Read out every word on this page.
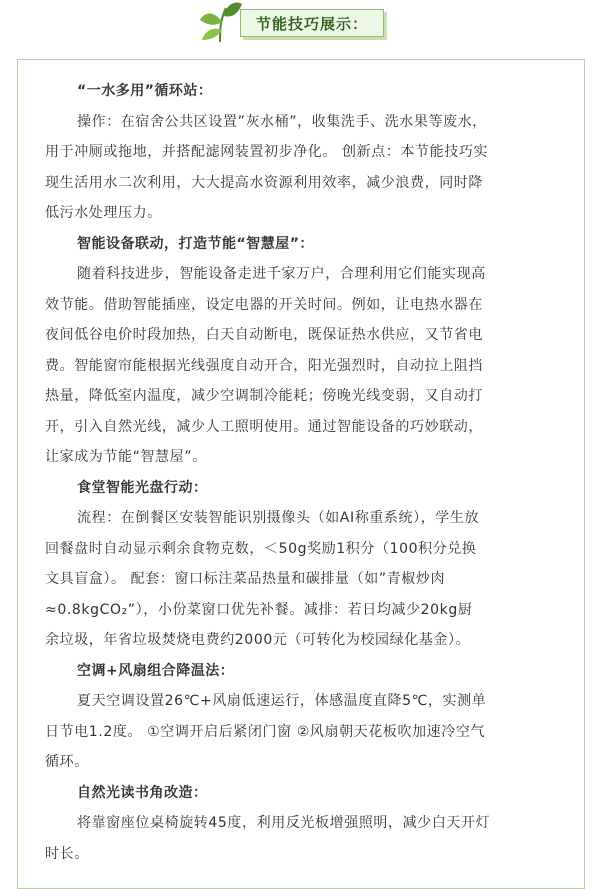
节能技巧展示：
“一水多用”循环站：

操作：在宿舍公共区设置”灰水桶”，收集洗手、洗水果等废水，
用于冲厕或拖地，并搭配滤网装置初步净化。 创新点：本节能技巧实
现生活用水二次利用，大大提高水资源利用效率，减少浪费，同时降
低污水处理压力。

智能设备联动，打造节能“智慧屋”：

随着科技进步，智能设备走进千家万户，合理利用它们能实现高
效节能。借助智能插座，设定电器的开关时间。例如，让电热水器在
夜间低谷电价时段加热，白天自动断电，既保证热水供应，又节省电
费。智能窗帘能根据光线强度自动开合，阳光强烈时，自动拉上阻挡
热量，降低室内温度，减少空调制冷能耗；傍晚光线变弱，又自动打
开，引入自然光线，减少人工照明使用。通过智能设备的巧妙联动，
让家成为节能“智慧屋”。

食堂智能光盘行动：

流程：在倒餐区安装智能识别摄像头（如AI称重系统），学生放
回餐盘时自动显示剩余食物克数，＜50g奖励1积分（100积分兑换
文具盲盒）。 配套：窗口标注菜品热量和碳排量（如”青椒炒肉
≈0.8kgCO₂”），小份菜窗口优先补餐。减排：若日均减少20kg厨
余垃圾，年省垃圾焚烧电费约2000元（可转化为校园绿化基金）。

空调+风扇组合降温法：

夏天空调设置26℃+风扇低速运行，体感温度直降5℃，实测单
日节电1.2度。 ①空调开启后紧闭门窗 ②风扇朝天花板吹加速冷空气
循环。

自然光读书角改造：

将靠窗座位桌椅旋转45度，利用反光板增强照明，减少白天开灯
时长。
